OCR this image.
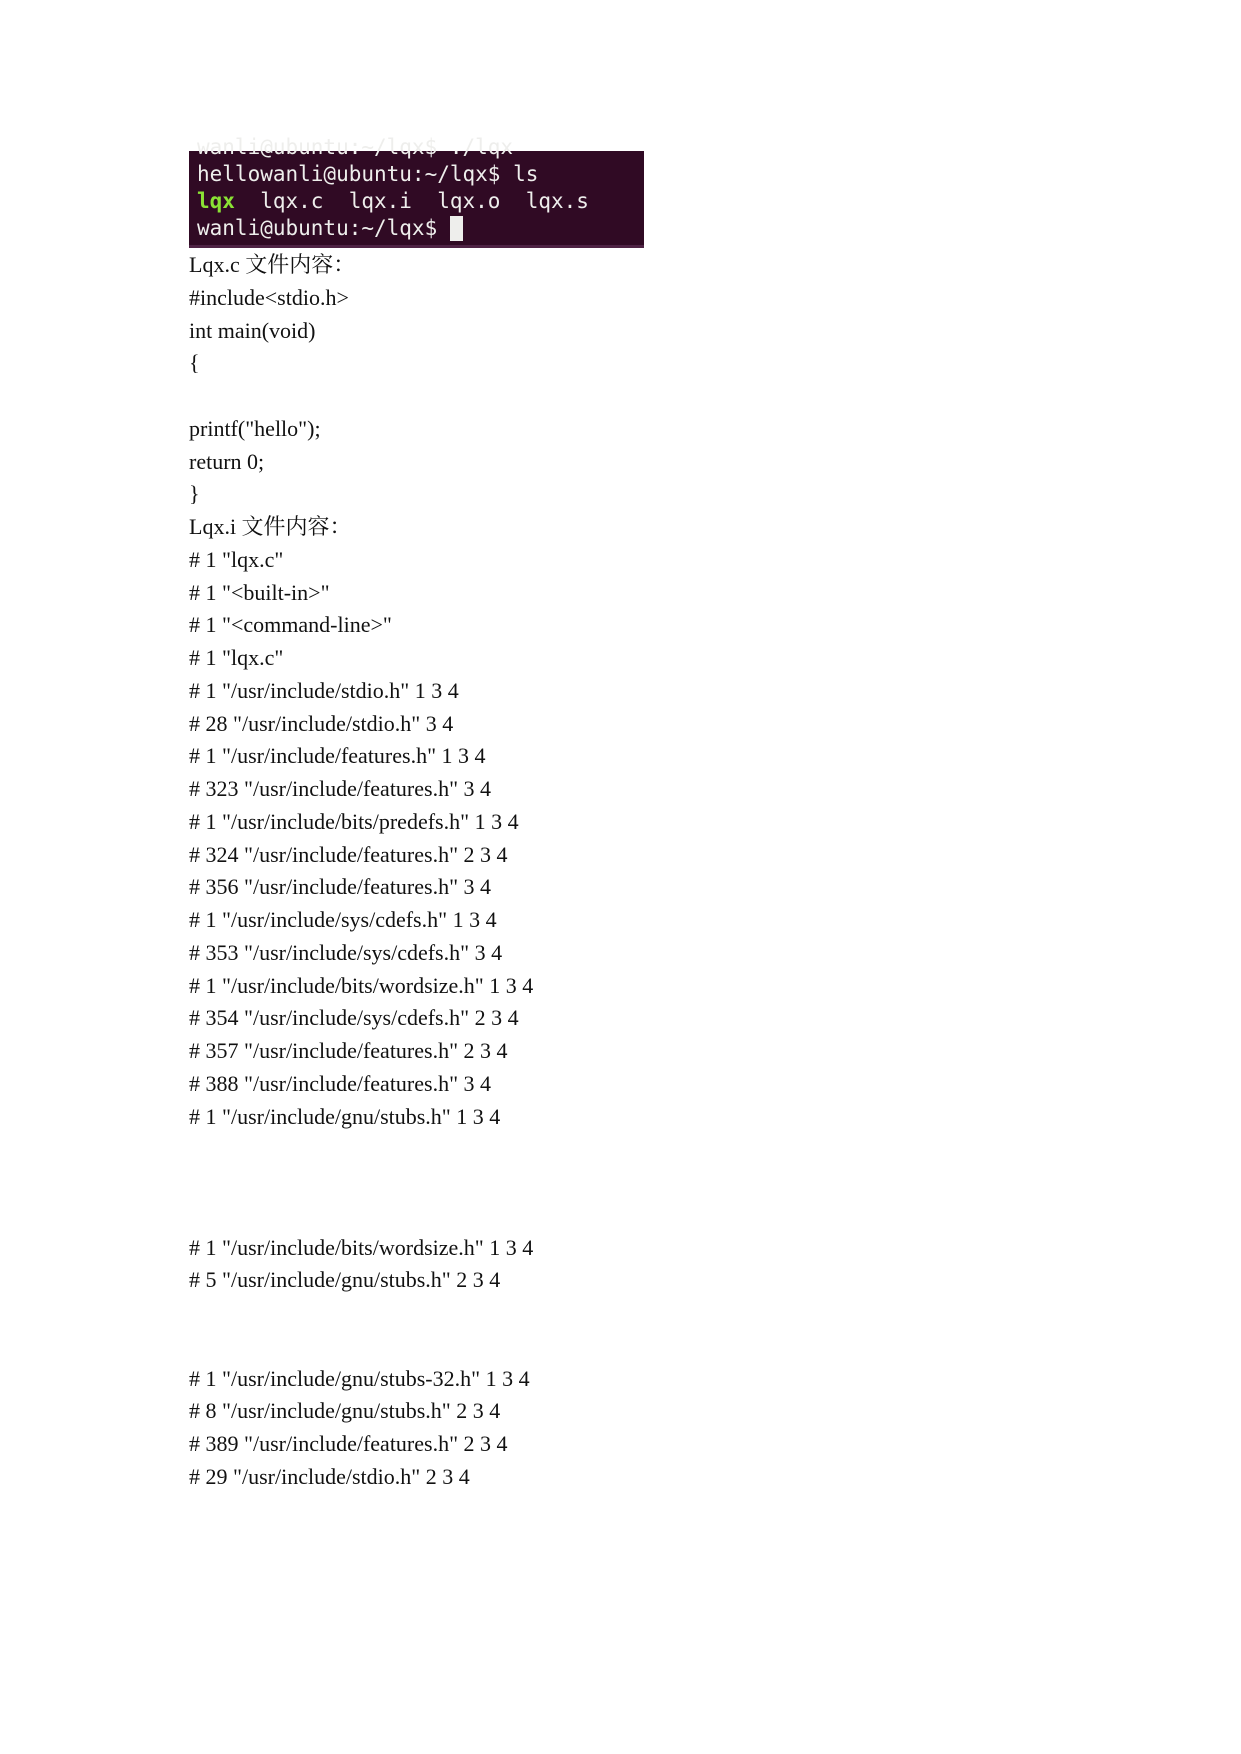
wanli@ubuntu:~/lqx$ ./lqx
hellowanli@ubuntu:~/lqx$ ls
lqx lqx.c lqx.i lqx.o lqx.s
wanli@ubuntu:~/lqx$
Lqx.c 文件内容：
#include<stdio.h>
int main(void)
{
printf("hello");
return 0;
}
Lqx.i 文件内容：
# 1 "lqx.c"
# 1 "<built-in>"
# 1 "<command-line>"
# 1 "lqx.c"
# 1 "/usr/include/stdio.h" 1 3 4
# 28 "/usr/include/stdio.h" 3 4
# 1 "/usr/include/features.h" 1 3 4
# 323 "/usr/include/features.h" 3 4
# 1 "/usr/include/bits/predefs.h" 1 3 4
# 324 "/usr/include/features.h" 2 3 4
# 356 "/usr/include/features.h" 3 4
# 1 "/usr/include/sys/cdefs.h" 1 3 4
# 353 "/usr/include/sys/cdefs.h" 3 4
# 1 "/usr/include/bits/wordsize.h" 1 3 4
# 354 "/usr/include/sys/cdefs.h" 2 3 4
# 357 "/usr/include/features.h" 2 3 4
# 388 "/usr/include/features.h" 3 4
# 1 "/usr/include/gnu/stubs.h" 1 3 4
# 1 "/usr/include/bits/wordsize.h" 1 3 4
# 5 "/usr/include/gnu/stubs.h" 2 3 4
# 1 "/usr/include/gnu/stubs-32.h" 1 3 4
# 8 "/usr/include/gnu/stubs.h" 2 3 4
# 389 "/usr/include/features.h" 2 3 4
# 29 "/usr/include/stdio.h" 2 3 4
